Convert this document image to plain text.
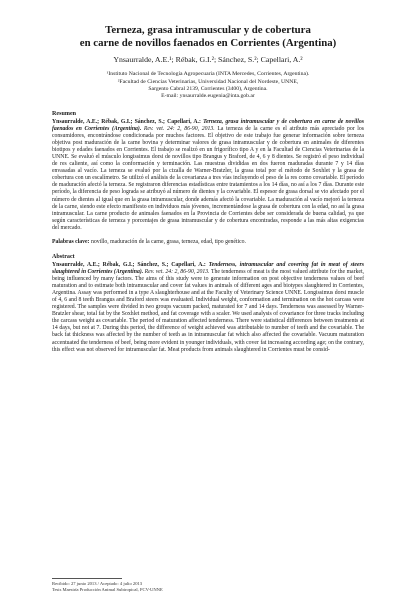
Terneza, grasa intramuscular y de cobertura
en carne de novillos faenados en Corrientes (Argentina)
Ynsaurralde, A.E.¹; Rébak, G.I.²; Sánchez, S.²; Capellari, A.²
¹Instituto Nacional de Tecnología Agropecuaria (INTA Mercedes, Corrientes, Argentina).
²Facultad de Ciencias Veterinarias, Universidad Nacional del Nordeste, UNNE,
Sargento Cabral 2139, Corrientes (3400), Argentina.
E-mail: ynsaurralde.eugenia@inta.gob.ar
Resumen

Ynsaurralde, A.E.; Rébak, G.I.; Sánchez, S.; Capellari, A.: Terneza, grasa intramuscular y de cobertura en carne de novillos faenados en Corrientes (Argentina). Rev. vet. 24: 2, 86-90, 2013. La terneza de la carne es el atributo más apreciado por los consumidores, encontrándose condicionada por muchos factores. El objetivo de este trabajo fue generar información sobre terneza objetiva post maduración de la carne bovina y determinar valores de grasa intramuscular y de cobertura en animales de diferentes biotipos y edades faenados en Corrientes. El trabajo se realizó en un frigorífico tipo A y en la Facultad de Ciencias Veterinarias de la UNNE. Se evaluó el músculo longissimus dorsi de novillos tipo Brangus y Braford, de 4, 6 y 8 dientes. Se registró el peso individual de res caliente, así como la conformación y terminación. Las muestras divididas en dos fueron maduradas durante 7 y 14 días envasadas al vacío. La terneza se evaluó por la cizalla de Warner-Bratzler, la grasa total por el método de Soxhlet y la grasa de cobertura con un escalímetro. Se utilizó el análisis de la covarianza a tres vías incluyendo el peso de la res como covariable. El período de maduración afectó la terneza. Se registraron diferencias estadísticas entre tratamientos a los 14 días, no así a los 7 días. Durante este período, la diferencia de peso lograda se atribuyó al número de dientes y la covariable. El espesor de grasa dorsal se vio afectado por el número de dientes al igual que en la grasa intramuscular, donde además afectó la covariable. La maduración al vacío mejoró la terneza de la carne, siendo este efecto manifiesto en individuos más jóvenes, incrementándose la grasa de cobertura con la edad, no así la grasa intramuscular. La carne producto de animales faenados en la Provincia de Corrientes debe ser considerada de buena calidad, ya que según características de terneza y porcentajes de grasa intramuscular y de cobertura encontradas, responde a las más altas exigencias del mercado.

Palabras clave: novillo, maduración de la carne, grasa, terneza, edad, tipo genético.
Abstract

Ynsaurralde, A.E.; Rébak, G.I.; Sánchez, S.; Capellari, A.: Tenderness, intramuscular and covering fat in meat of steers slaughtered in Corrientes (Argentina). Rev. vet. 24: 2, 86-90, 2013. The tenderness of meat is the most valued attribute for the market, being influenced by many factors. The aims of this study were to generate information on post objective tenderness values of beef maturation and to estimate both intramuscular and cover fat values in animals of different ages and biotypes slaughtered in Corrientes, Argentina. Assay was performed in a type A slaughterhouse and at the Faculty of Veterinary Science UNNE. Longissimus dorsi muscle of 4, 6 and 8 teeth Brangus and Braford steers was evaluated. Individual weight, conformation and termination on the hot carcass were registered. The samples were divided in two groups vacuum packed, maturated for 7 and 14 days. Tenderness was assessed by Warner-Bratzler shear, total fat by the Soxhlet method, and fat coverage with a scaler. We used analysis of covariance for three tracks including the carcass weight as covariable. The period of maturation affected tenderness. There were statistical differences between treatments at 14 days, but not at 7. During this period, the difference of weight achieved was attributable to number of teeth and the covariable. The back fat thickness was affected by the number of teeth as in intramuscular fat which also affected the covariable. Vacuum maturation accentuated the tenderness of beef, being more evident in younger individuals, with cover fat increasing according age; on the contrary, this effect was not observed for intramuscular fat. Meat products from animals slaughtered in Corrientes must be consid-

Recibido: 27 junio 2013 / Aceptado: 4 julio 2013
Tesis Maestría Producción Animal Subtropical, FCV-UNNE
